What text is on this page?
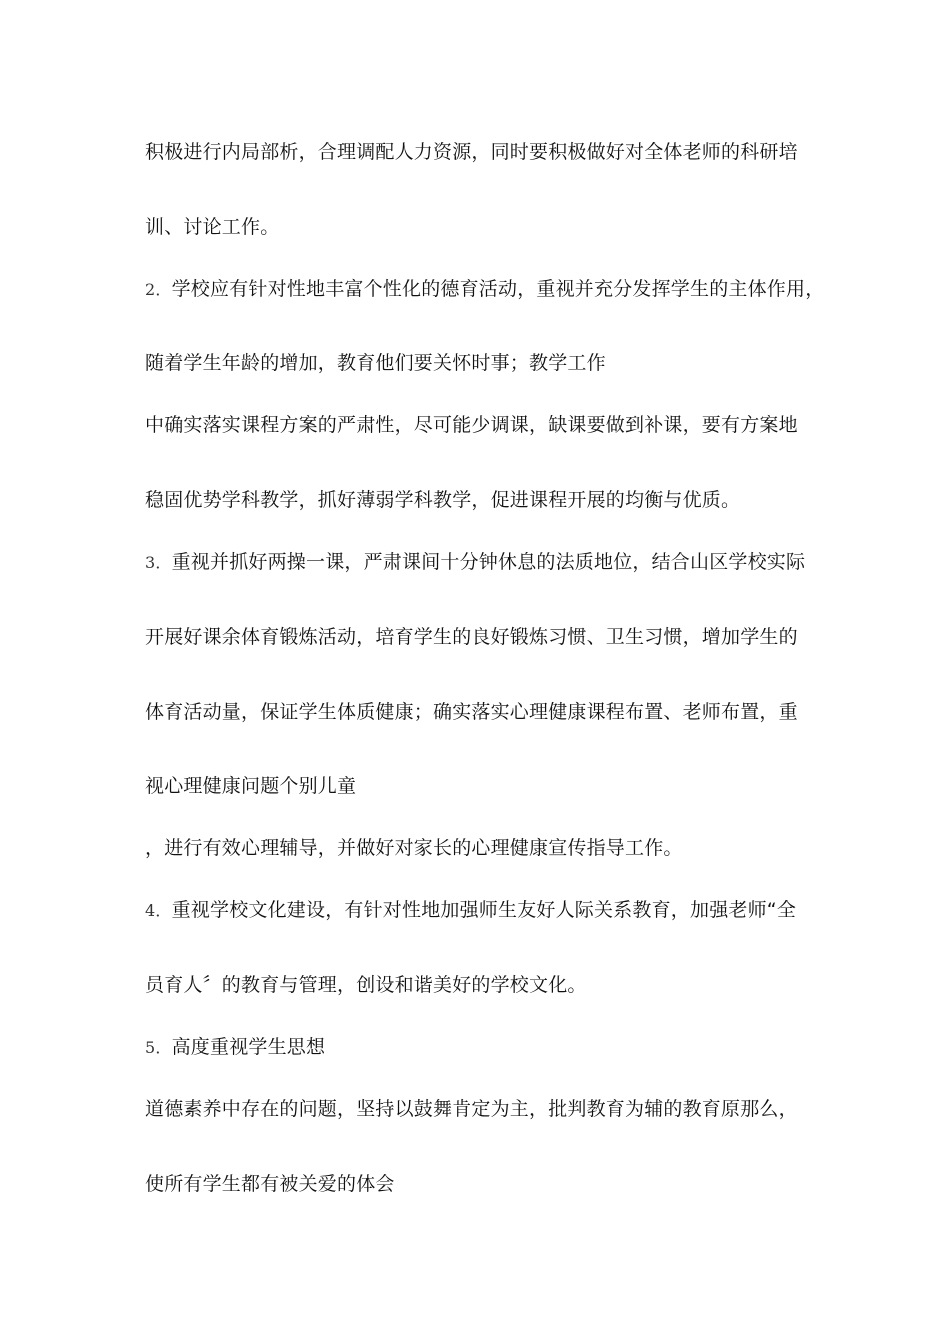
积极进行内局部析，合理调配人力资源，同时要积极做好对全体老师的科研培
训、讨论工作。
2．学校应有针对性地丰富个性化的德育活动，重视并充分发挥学生的主体作用，
随着学生年龄的增加，教育他们要关怀时事；教学工作
中确实落实课程方案的严肃性，尽可能少调课，缺课要做到补课，要有方案地
稳固优势学科教学，抓好薄弱学科教学，促进课程开展的均衡与优质。
3．重视并抓好两操一课，严肃课间十分钟休息的法质地位，结合山区学校实际
开展好课余体育锻炼活动，培育学生的良好锻炼习惯、卫生习惯，增加学生的
体育活动量，保证学生体质健康；确实落实心理健康课程布置、老师布置，重
视心理健康问题个别儿童
，进行有效心理辅导，并做好对家长的心理健康宣传指导工作。
4．重视学校文化建设，有针对性地加强师生友好人际关系教育，加强老师“全
员育人〞的教育与管理，创设和谐美好的学校文化。
5．高度重视学生思想
道德素养中存在的问题，坚持以鼓舞肯定为主，批判教育为辅的教育原那么，
使所有学生都有被关爱的体会
